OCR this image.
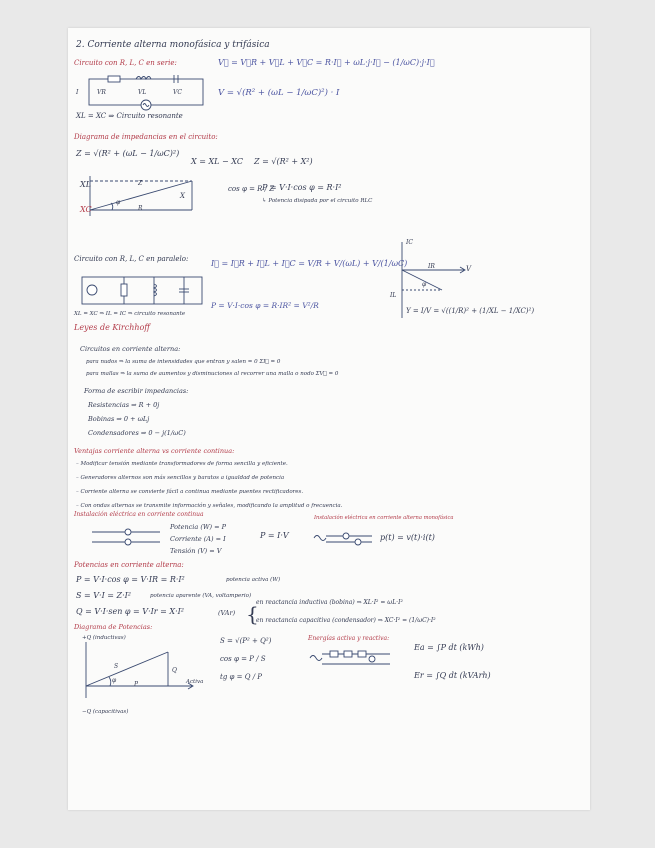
2. Corriente alterna monofásica y trifásica
Circuito con R, L, C en serie:	V⃗ = V⃗R + V⃗L + V⃗C = R·I⃗ + ωL·j·I⃗ − (1/ωC)·j·I⃗
V = √(R² + (ωL − 1/ωC)²) · I
VR	VL	VC
I
XL = XC ⇒ Circuito resonante
Diagrama de impedancias en el circuito:
Z = √(R² + (ωL − 1/ωC)²)
X = XL − XC Z = √(R² + X²)
XL
XC	R
Z
φ
X
cos φ = R / Z
P = V·I·cos φ = R·I²
↳ Potencia disipada por el circuito RLC
Circuito con R, L, C en paralelo:	I⃗ = I⃗R + I⃗L + I⃗C = V/R + V/(ωL) + V/(1/ωC)
P = V·I·cos φ = R·IR² = V²/R
XL = XC ⇒ IL = IC ⇒ circuito resonante
IC
IL
IR	V
φ
Y = I/V = √((1/R)² + (1/XL − 1/XC)²)
Leyes de Kirchhoff
Circuitos en corriente alterna:
para nudos ⇒ la suma de intensidades que entran y salen = 0 ΣI⃗ = 0
para mallas ⇒ la suma de aumentos y disminuciones al recorrer una malla o nodo ΣV⃗ = 0
Forma de escribir impedancias:
Resistencias ⇒ R + 0j
Bobinas ⇒ 0 + ωLj
Condensadores ⇒ 0 − j(1/ωC)
Ventajas corriente alterna vs corriente continua:
– Modificar tensión mediante transformadores de forma sencilla y eficiente.
– Generadores alternos son más sencillos y baratos a igualdad de potencia
– Corriente alterna se convierte fácil a continua mediante puentes rectificadores.
– Con ondas alternas se transmite información y señales, modificando la amplitud o frecuencia.
Instalación eléctrica en corriente continua
Potencia (W) = P
Corriente (A) = I
Tensión (V) = V
P = I·V
Instalación eléctrica en corriente alterna monofásica
p(t) = v(t)·i(t)
Potencias en corriente alterna:
P = V·I·cos φ = V·IR = R·I²	potencia activa (W)
S = V·I = Z·I²	potencia aparente (VA, voltamperio)
Q = V·I·sen φ = V·Ir = X·I²	(VAr) {
en reactancia inductiva (bobina) ⇒ XL·I² = ωL·I²
en reactancia capacitiva (condensador) ⇒ XC·I² = (1/ωC)·I²
Diagrama de Potencias:
+Q (inductivas)
S
Q
P
φ	Activa
−Q (capacitivas)
S = √(P² + Q²)
cos φ = P / S
tg φ = Q / P
Energías activa y reactiva:
Ea = ∫P dt (kWh)
Er = ∫Q dt (kVArh)
